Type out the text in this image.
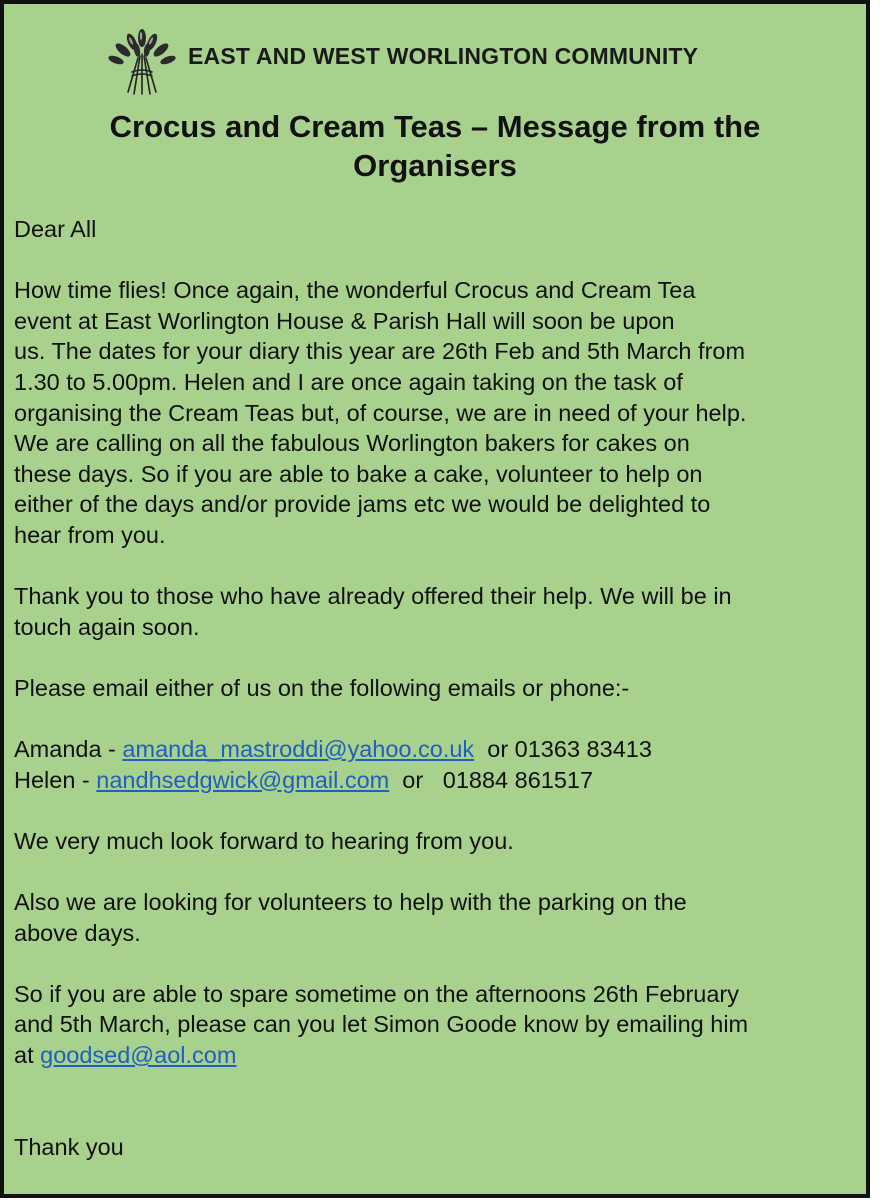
EAST AND WEST WORLINGTON COMMUNITY
Crocus and Cream Teas – Message from the
Organisers

Dear All

How time flies! Once again, the wonderful Crocus and Cream Tea

event at East Worlington House & Parish Hall will soon be upon

us. The dates for your diary this year are 26th Feb and 5th March from

1.30 to 5.00pm. Helen and I are once again taking on the task of

organising the Cream Teas but, of course, we are in need of your help.

We are calling on all the fabulous Worlington bakers for cakes on

these days. So if you are able to bake a cake, volunteer to help on

either of the days and/or provide jams etc we would be delighted to

hear from you.

Thank you to those who have already offered their help. We will be in

touch again soon.

Please email either of us on the following emails or phone:-

Amanda - amanda_mastroddi@yahoo.co.uk  or 01363 83413

Helen - nandhsedgwick@gmail.com  or   01884 861517

We very much look forward to hearing from you.

Also we are looking for volunteers to help with the parking on the

above days.

So if you are able to spare sometime on the afternoons 26th February

and 5th March, please can you let Simon Goode know by emailing him

at goodsed@aol.com

Thank you
